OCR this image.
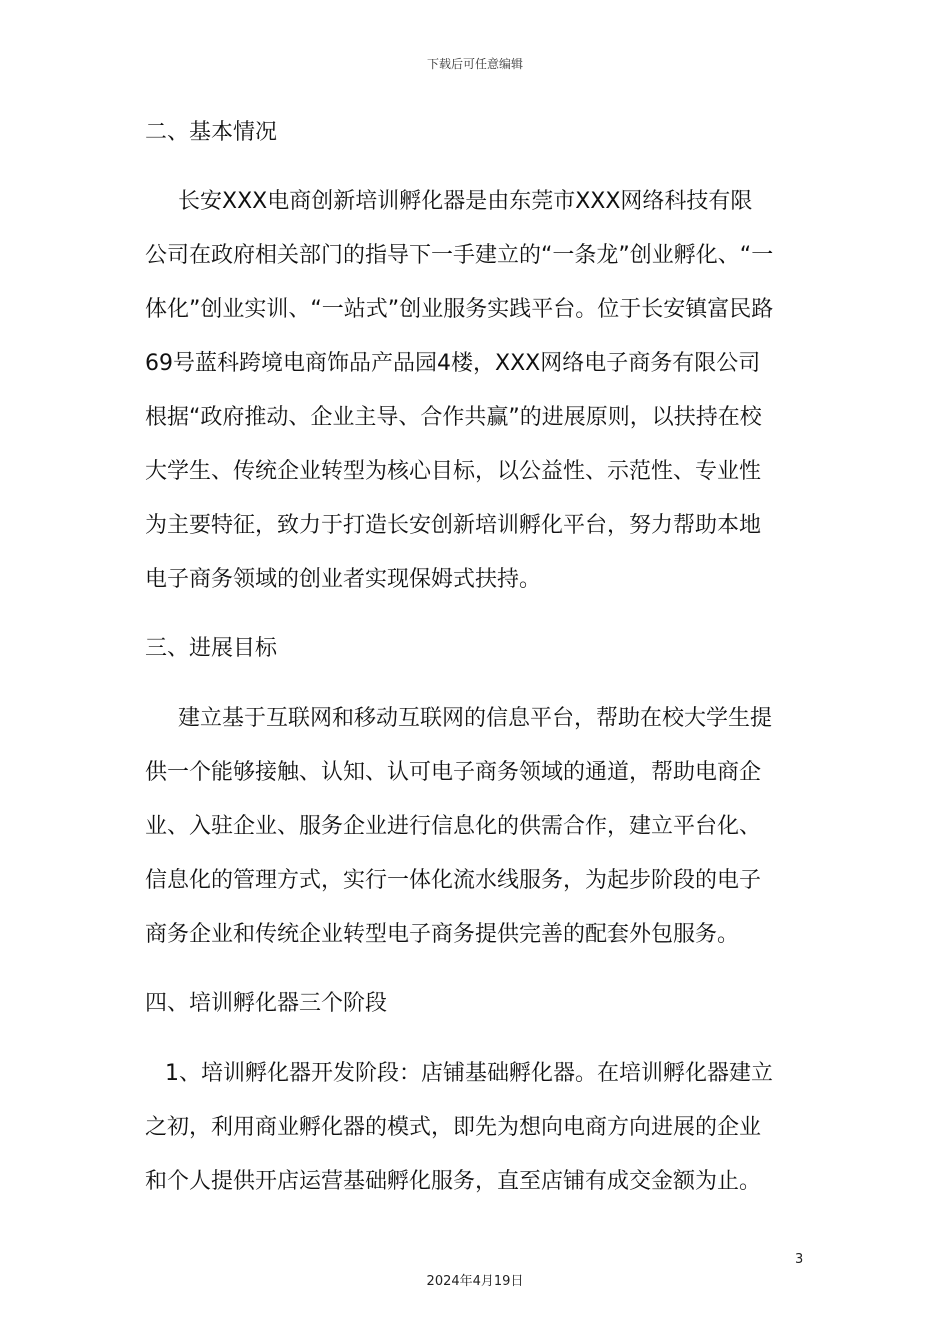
下载后可任意编辑
二、基本情况
长安XXX电商创新培训孵化器是由东莞市XXX网络科技有限
公司在政府相关部门的指导下一手建立的“一条龙”创业孵化、“一
体化”创业实训、“一站式”创业服务实践平台。位于长安镇富民路
69号蓝科跨境电商饰品产品园4楼，XXX网络电子商务有限公司
根据“政府推动、企业主导、合作共赢”的进展原则，以扶持在校
大学生、传统企业转型为核心目标，以公益性、示范性、专业性
为主要特征，致力于打造长安创新培训孵化平台，努力帮助本地
电子商务领域的创业者实现保姆式扶持。
三、进展目标
建立基于互联网和移动互联网的信息平台，帮助在校大学生提
供一个能够接触、认知、认可电子商务领域的通道，帮助电商企
业、入驻企业、服务企业进行信息化的供需合作，建立平台化、
信息化的管理方式，实行一体化流水线服务，为起步阶段的电子
商务企业和传统企业转型电子商务提供完善的配套外包服务。
四、培训孵化器三个阶段
1、培训孵化器开发阶段：店铺基础孵化器。在培训孵化器建立
之初，利用商业孵化器的模式，即先为想向电商方向进展的企业
和个人提供开店运营基础孵化服务，直至店铺有成交金额为止。
3
2024年4月19日
